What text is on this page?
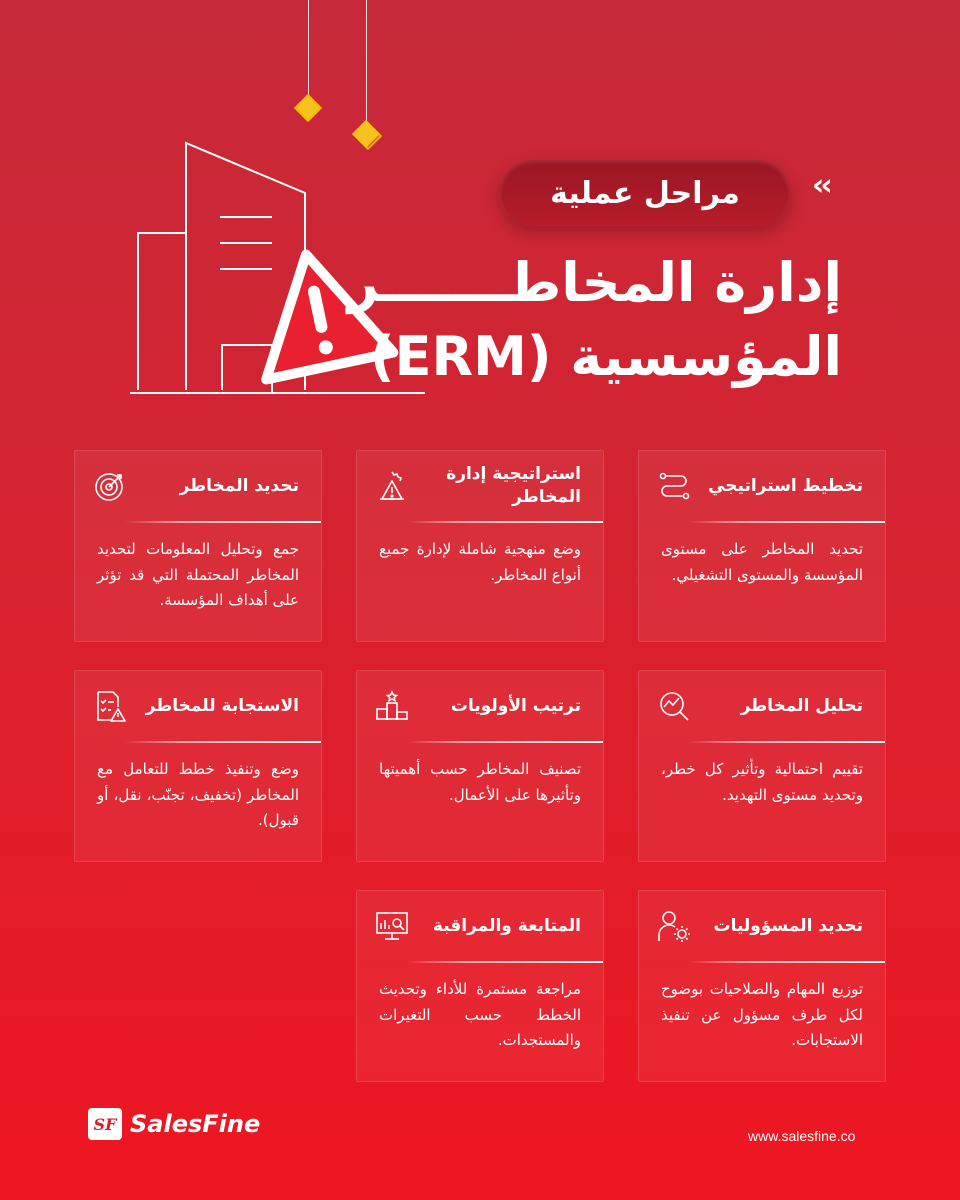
مراحل عملية ‹‹
إدارة المخاطـــــــر
المؤسسية (ERM)
تخطيط استراتيجي
تحديد المخاطر على مستوى المؤسسة والمستوى التشغيلي.
استراتيجية إدارة المخاطر
وضع منهجية شاملة لإدارة جميع أنواع المخاطر.
تحديد المخاطر
جمع وتحليل المعلومات لتحديد المخاطر المحتملة التي قد تؤثر على أهداف المؤسسة.
تحليل المخاطر
تقييم احتمالية وتأثير كل خطر، وتحديد مستوى التهديد.
ترتيب الأولويات
تصنيف المخاطر حسب أهميتها وتأثيرها على الأعمال.
الاستجابة للمخاطر
وضع وتنفيذ خطط للتعامل مع المخاطر (تخفيف، تجنّب، نقل، أو قبول).
تحديد المسؤوليات
توزيع المهام والصلاحيات بوضوح لكل طرف مسؤول عن تنفيذ الاستجابات.
المتابعة والمراقبة
مراجعة مستمرة للأداء وتحديث الخطط حسب التغيرات والمستجدات.
SF SalesFine	www.salesfine.co
